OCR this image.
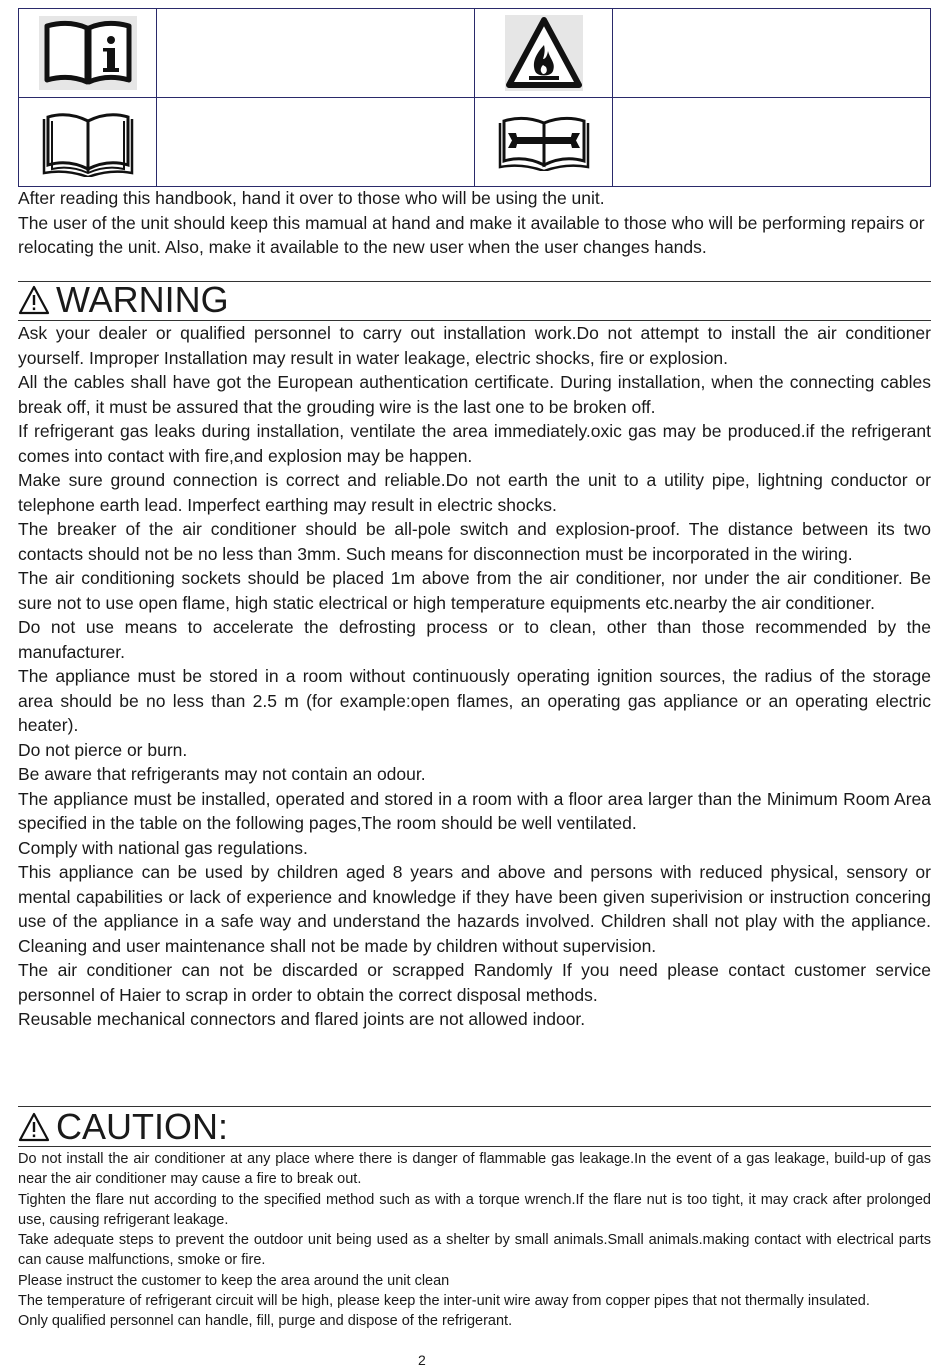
After reading this handbook, hand it over to those who will be using the unit.

The user of the unit should keep this mamual at hand and make it available to those who will be performing repairs or relocating the unit. Also, make it available to the new user when the user changes hands.

WARNING

Ask your dealer or qualified personnel to carry out installation work.Do not attempt to install the air conditioner yourself. Improper Installation may result in water leakage, electric shocks, fire or explosion.

All the cables shall have got the European authentication certificate. During installation, when the connecting cables break off, it must be assured that the grouding wire is the last one to be broken off.

If refrigerant gas leaks during installation, ventilate the area immediately.oxic gas may be produced.if the refrigerant comes into contact with fire,and explosion may be happen.

Make sure ground connection is correct and reliable.Do not earth the unit to a utility pipe, lightning conductor or telephone earth lead. Imperfect earthing may result in electric shocks.

The breaker of the air conditioner should be all-pole switch and explosion-proof. The distance between its two contacts should not be no less than 3mm. Such means for disconnection must be incorporated in the wiring.

The air conditioning sockets should be placed 1m above from the air conditioner, nor under the air conditioner. Be sure not to use open flame, high static electrical or high temperature equipments etc.nearby the air conditioner.

Do not use means to accelerate the defrosting process or to clean, other than those recommended by the manufacturer.

The appliance must be stored in a room without continuously operating ignition sources, the radius of the storage area should be no less than 2.5 m (for example:open flames, an operating gas appliance or an operating electric heater).

Do not pierce or burn.

Be aware that refrigerants may not contain an odour.

The appliance must be installed, operated and stored in a room with a floor area larger than the Minimum Room Area specified in the table on the following pages,The room should be well ventilated.

Comply with national gas regulations.

This appliance can be used by children aged 8 years and above and persons with reduced physical, sensory or mental capabilities or lack of experience and knowledge if they have been given superivision or instruction concering use of the appliance in a safe way and understand the hazards involved. Children shall not play with the appliance. Cleaning and user maintenance shall not be made by children without supervision.

The air conditioner can not be discarded or scrapped Randomly If you need please contact customer service personnel of Haier to scrap in order to obtain the correct disposal methods.

Reusable mechanical connectors and flared joints are not allowed indoor.

CAUTION:

Do not install the air conditioner at any place where there is danger of flammable gas leakage.In the event of a gas leakage, build-up of gas near the air conditioner may cause a fire to break out.

Tighten the flare nut according to the specified method such as with a torque wrench.If the flare nut is too tight, it may crack after prolonged use, causing refrigerant leakage.

Take adequate steps to prevent the outdoor unit being used as a shelter by small animals.Small animals.making contact with electrical parts can cause malfunctions, smoke or fire.

Please instruct the customer to keep the area around the unit clean

The temperature of refrigerant circuit will be high, please keep the inter-unit wire away from copper pipes that not thermally insulated.

Only qualified personnel can handle, fill, purge and dispose of the refrigerant.

2
